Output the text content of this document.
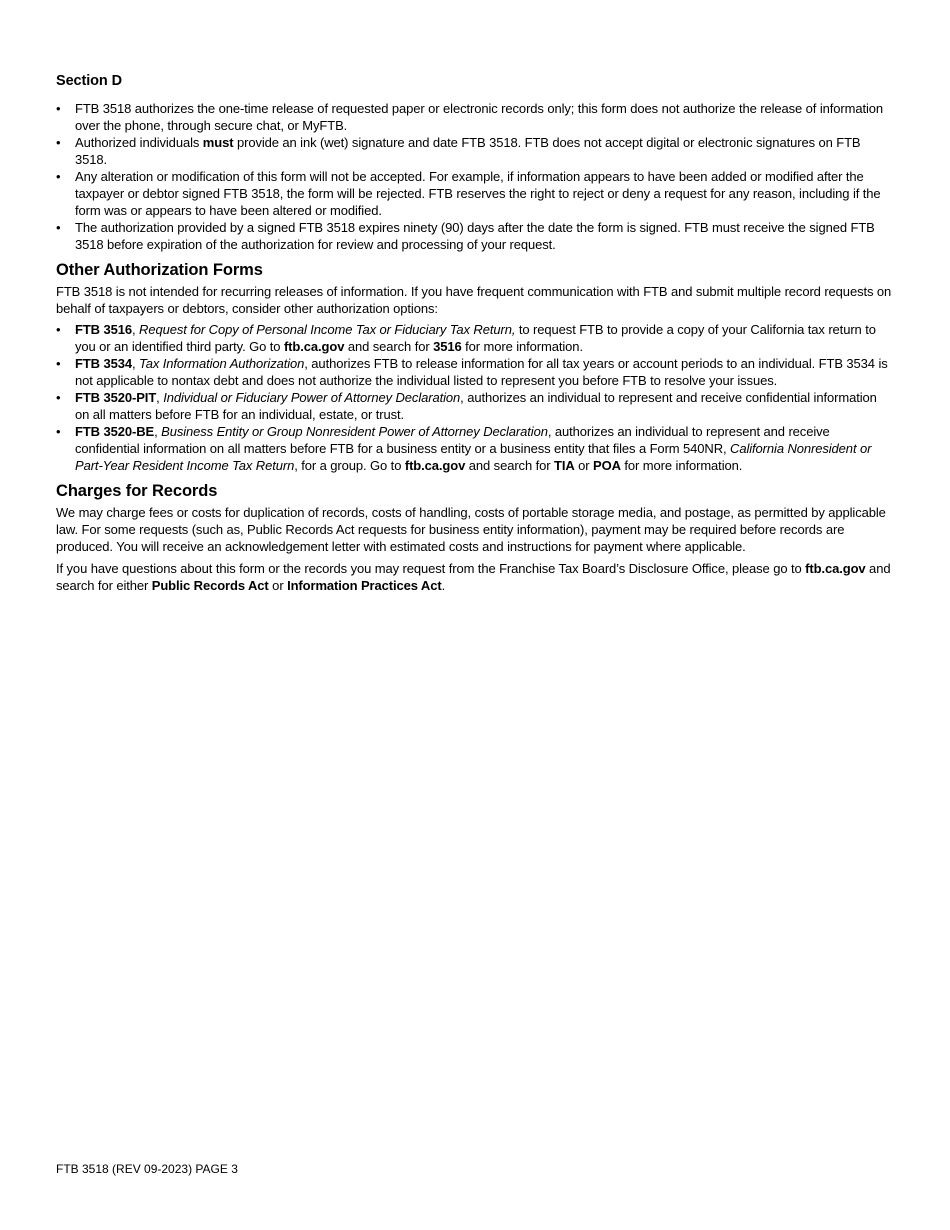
Section D
• FTB 3518 authorizes the one-time release of requested paper or electronic records only; this form does not authorize the release of information over the phone, through secure chat, or MyFTB.
• Authorized individuals must provide an ink (wet) signature and date FTB 3518. FTB does not accept digital or electronic signatures on FTB 3518.
• Any alteration or modification of this form will not be accepted. For example, if information appears to have been added or modified after the taxpayer or debtor signed FTB 3518, the form will be rejected. FTB reserves the right to reject or deny a request for any reason, including if the form was or appears to have been altered or modified.
• The authorization provided by a signed FTB 3518 expires ninety (90) days after the date the form is signed. FTB must receive the signed FTB 3518 before expiration of the authorization for review and processing of your request.
Other Authorization Forms

FTB 3518 is not intended for recurring releases of information. If you have frequent communication with FTB and submit multiple record requests on behalf of taxpayers or debtors, consider other authorization options:

• FTB 3516, Request for Copy of Personal Income Tax or Fiduciary Tax Return, to request FTB to provide a copy of your California tax return to you or an identified third party. Go to ftb.ca.gov and search for 3516 for more information.
• FTB 3534, Tax Information Authorization, authorizes FTB to release information for all tax years or account periods to an individual. FTB 3534 is not applicable to nontax debt and does not authorize the individual listed to represent you before FTB to resolve your issues.
• FTB 3520-PIT, Individual or Fiduciary Power of Attorney Declaration, authorizes an individual to represent and receive confidential information on all matters before FTB for an individual, estate, or trust.
• FTB 3520-BE, Business Entity or Group Nonresident Power of Attorney Declaration, authorizes an individual to represent and receive confidential information on all matters before FTB for a business entity or a business entity that files a Form 540NR, California Nonresident or Part-Year Resident Income Tax Return, for a group. Go to ftb.ca.gov and search for TIA or POA for more information.
Charges for Records

We may charge fees or costs for duplication of records, costs of handling, costs of portable storage media, and postage, as permitted by applicable law. For some requests (such as, Public Records Act requests for business entity information), payment may be required before records are produced. You will receive an acknowledgement letter with estimated costs and instructions for payment where applicable.

If you have questions about this form or the records you may request from the Franchise Tax Board’s Disclosure Office, please go to ftb.ca.gov and search for either Public Records Act or Information Practices Act.

FTB 3518 (REV 09-2023) PAGE 3
